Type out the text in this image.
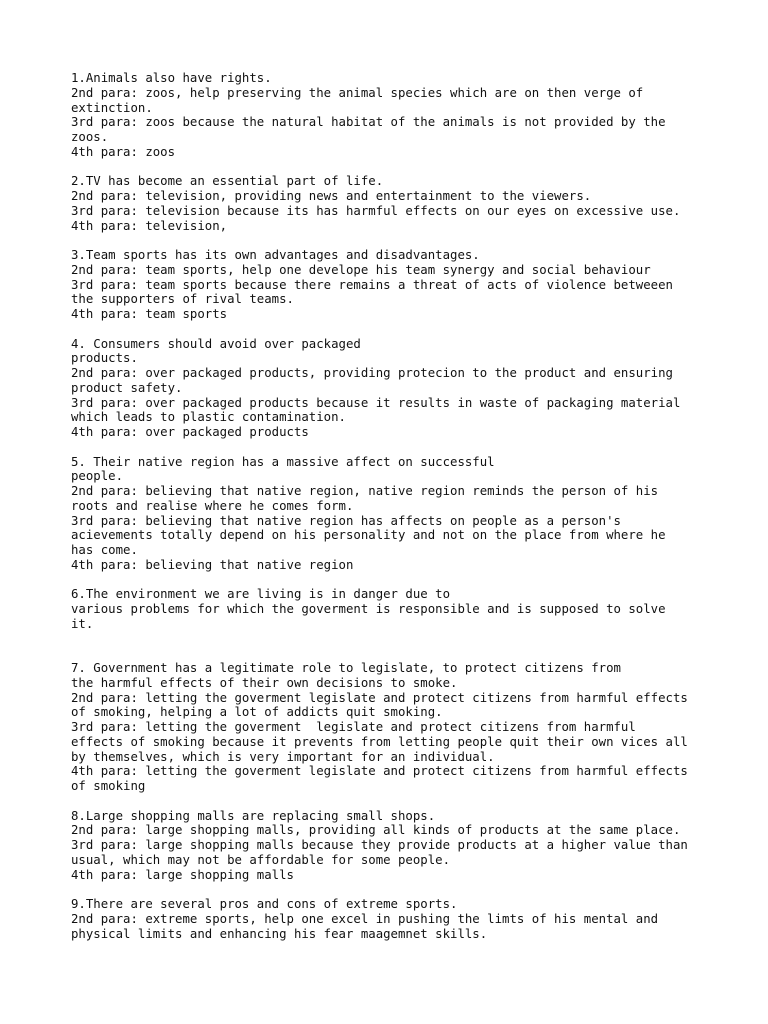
1.Animals also have rights.
2nd para: zoos, help preserving the animal species which are on then verge of
extinction.
3rd para: zoos because the natural habitat of the animals is not provided by the
zoos.
4th para: zoos
2.TV has become an essential part of life.
2nd para: television, providing news and entertainment to the viewers.
3rd para: television because its has harmful effects on our eyes on excessive use.
4th para: television,
3.Team sports has its own advantages and disadvantages.
2nd para: team sports, help one develope his team synergy and social behaviour
3rd para: team sports because there remains a threat of acts of violence betweeen
the supporters of rival teams.
4th para: team sports
4. Consumers should avoid over packaged
products.
2nd para: over packaged products, providing protecion to the product and ensuring
product safety.
3rd para: over packaged products because it results in waste of packaging material
which leads to plastic contamination.
4th para: over packaged products
5. Their native region has a massive affect on successful
people.
2nd para: believing that native region, native region reminds the person of his
roots and realise where he comes form.
3rd para: believing that native region has affects on people as a person's
acievements totally depend on his personality and not on the place from where he
has come.
4th para: believing that native region
6.The environment we are living is in danger due to
various problems for which the goverment is responsible and is supposed to solve
it.
7. Government has a legitimate role to legislate, to protect citizens from
the harmful effects of their own decisions to smoke.
2nd para: letting the goverment legislate and protect citizens from harmful effects
of smoking, helping a lot of addicts quit smoking.
3rd para: letting the goverment  legislate and protect citizens from harmful
effects of smoking because it prevents from letting people quit their own vices all
by themselves, which is very important for an individual.
4th para: letting the goverment legislate and protect citizens from harmful effects
of smoking
8.Large shopping malls are replacing small shops.
2nd para: large shopping malls, providing all kinds of products at the same place.
3rd para: large shopping malls because they provide products at a higher value than
usual, which may not be affordable for some people.
4th para: large shopping malls
9.There are several pros and cons of extreme sports.
2nd para: extreme sports, help one excel in pushing the limts of his mental and
physical limits and enhancing his fear maagemnet skills.
